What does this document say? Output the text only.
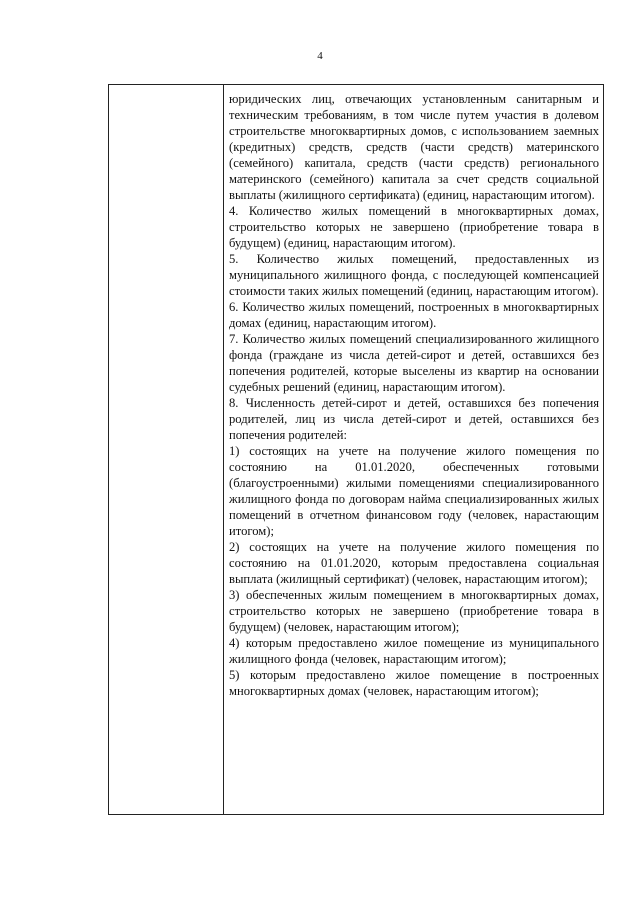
4

юридических лиц, отвечающих установленным санитарным и техническим требованиям, в том числе путем участия в долевом строительстве многоквартирных домов, с использованием заемных (кредитных) средств, средств (части средств) материнского (семейного) капитала, средств (части средств) регионального материнского (семейного) капитала за счет средств социальной выплаты (жилищного сертификата) (единиц, нарастающим итогом).

4. Количество жилых помещений в многоквартирных домах, строительство которых не завершено (приобретение товара в будущем) (единиц, нарастающим итогом).

5. Количество жилых помещений, предоставленных из муниципального жилищного фонда, с последующей компенсацией стоимости таких жилых помещений (единиц, нарастающим итогом).

6. Количество жилых помещений, построенных в многоквартирных домах (единиц, нарастающим итогом).

7. Количество жилых помещений специализированного жилищного фонда (граждане из числа детей-сирот и детей, оставшихся без попечения родителей, которые выселены из квартир на основании судебных решений (единиц, нарастающим итогом).

8. Численность детей-сирот и детей, оставшихся без попечения родителей, лиц из числа детей-сирот и детей, оставшихся без попечения родителей:

1) состоящих на учете на получение жилого помещения по состоянию на 01.01.2020, обеспеченных готовыми (благоустроенными) жилыми помещениями специализированного жилищного фонда по договорам найма специализированных жилых помещений в отчетном финансовом году (человек, нарастающим итогом);

2) состоящих на учете на получение жилого помещения по состоянию на 01.01.2020, которым предоставлена социальная выплата (жилищный сертификат) (человек, нарастающим итогом);

3) обеспеченных жилым помещением в многоквартирных домах, строительство которых не завершено (приобретение товара в будущем) (человек, нарастающим итогом);

4) которым предоставлено жилое помещение из муниципального жилищного фонда (человек, нарастающим итогом);

5) которым предоставлено жилое помещение в построенных многоквартирных домах (человек, нарастающим итогом);
